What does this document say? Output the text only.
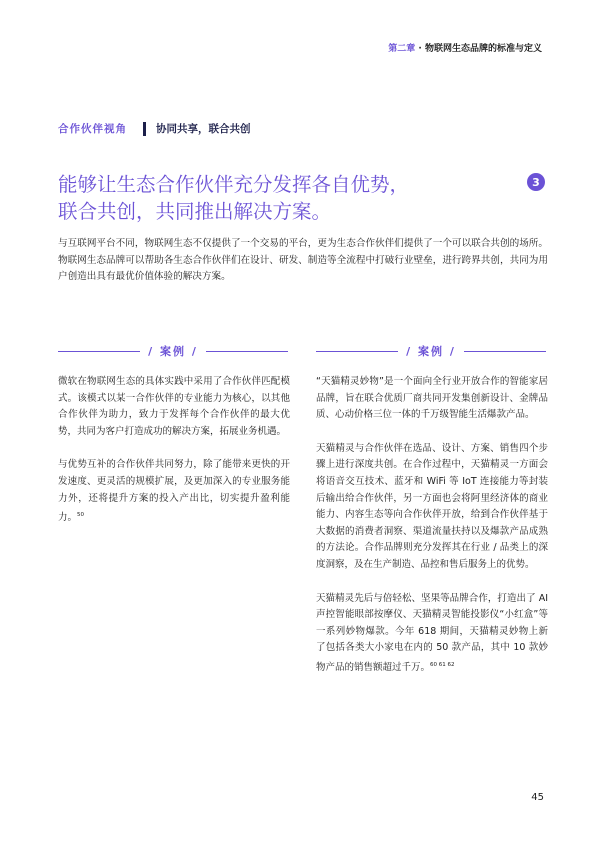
第二章 · 物联网生态品牌的标准与定义
合作伙伴视角	协同共享，联合共创
能够让生态合作伙伴充分发挥各自优势，
联合共创，共同推出解决方案。
3
与互联网平台不同，物联网生态不仅提供了一个交易的平台，更为生态合作伙伴们提供了一个可以联合共创的场所。物联网生态品牌可以帮助各生态合作伙伴们在设计、研发、制造等全流程中打破行业壁垒，进行跨界共创，共同为用户创造出具有最优价值体验的解决方案。
/ 案例 /	/ 案例 /

微软在物联网生态的具体实践中采用了合作伙伴匹配模式。该模式以某一合作伙伴的专业能力为核心，以其他合作伙伴为助力，致力于发挥每个合作伙伴的最大优势，共同为客户打造成功的解决方案，拓展业务机遇。

与优势互补的合作伙伴共同努力，除了能带来更快的开发速度、更灵活的规模扩展，及更加深入的专业服务能力外，还将提升方案的投入产出比，切实提升盈利能力。$^{50}$

“天猫精灵妙物”是一个面向全行业开放合作的智能家居品牌，旨在联合优质厂商共同开发集创新设计、金牌品质、心动价格三位一体的千万级智能生活爆款产品。

天猫精灵与合作伙伴在选品、设计、方案、销售四个步骤上进行深度共创。在合作过程中，天猫精灵一方面会将语音交互技术、蓝牙和 WiFi 等 IoT 连接能力等封装后输出给合作伙伴，另一方面也会将阿里经济体的商业能力、内容生态等向合作伙伴开放，给到合作伙伴基于大数据的消费者洞察、渠道流量扶持以及爆款产品成熟的方法论。合作品牌则充分发挥其在行业 / 品类上的深度洞察，及在生产制造、品控和售后服务上的优势。

天猫精灵先后与倍轻松、坚果等品牌合作，打造出了 AI 声控智能眼部按摩仪、天猫精灵智能投影仪“小红盒”等一系列妙物爆款。今年 618 期间，天猫精灵妙物上新了包括各类大小家电在内的 50 款产品，其中 10 款妙物产品的销售额超过千万。$^{60 61 62}$

45
